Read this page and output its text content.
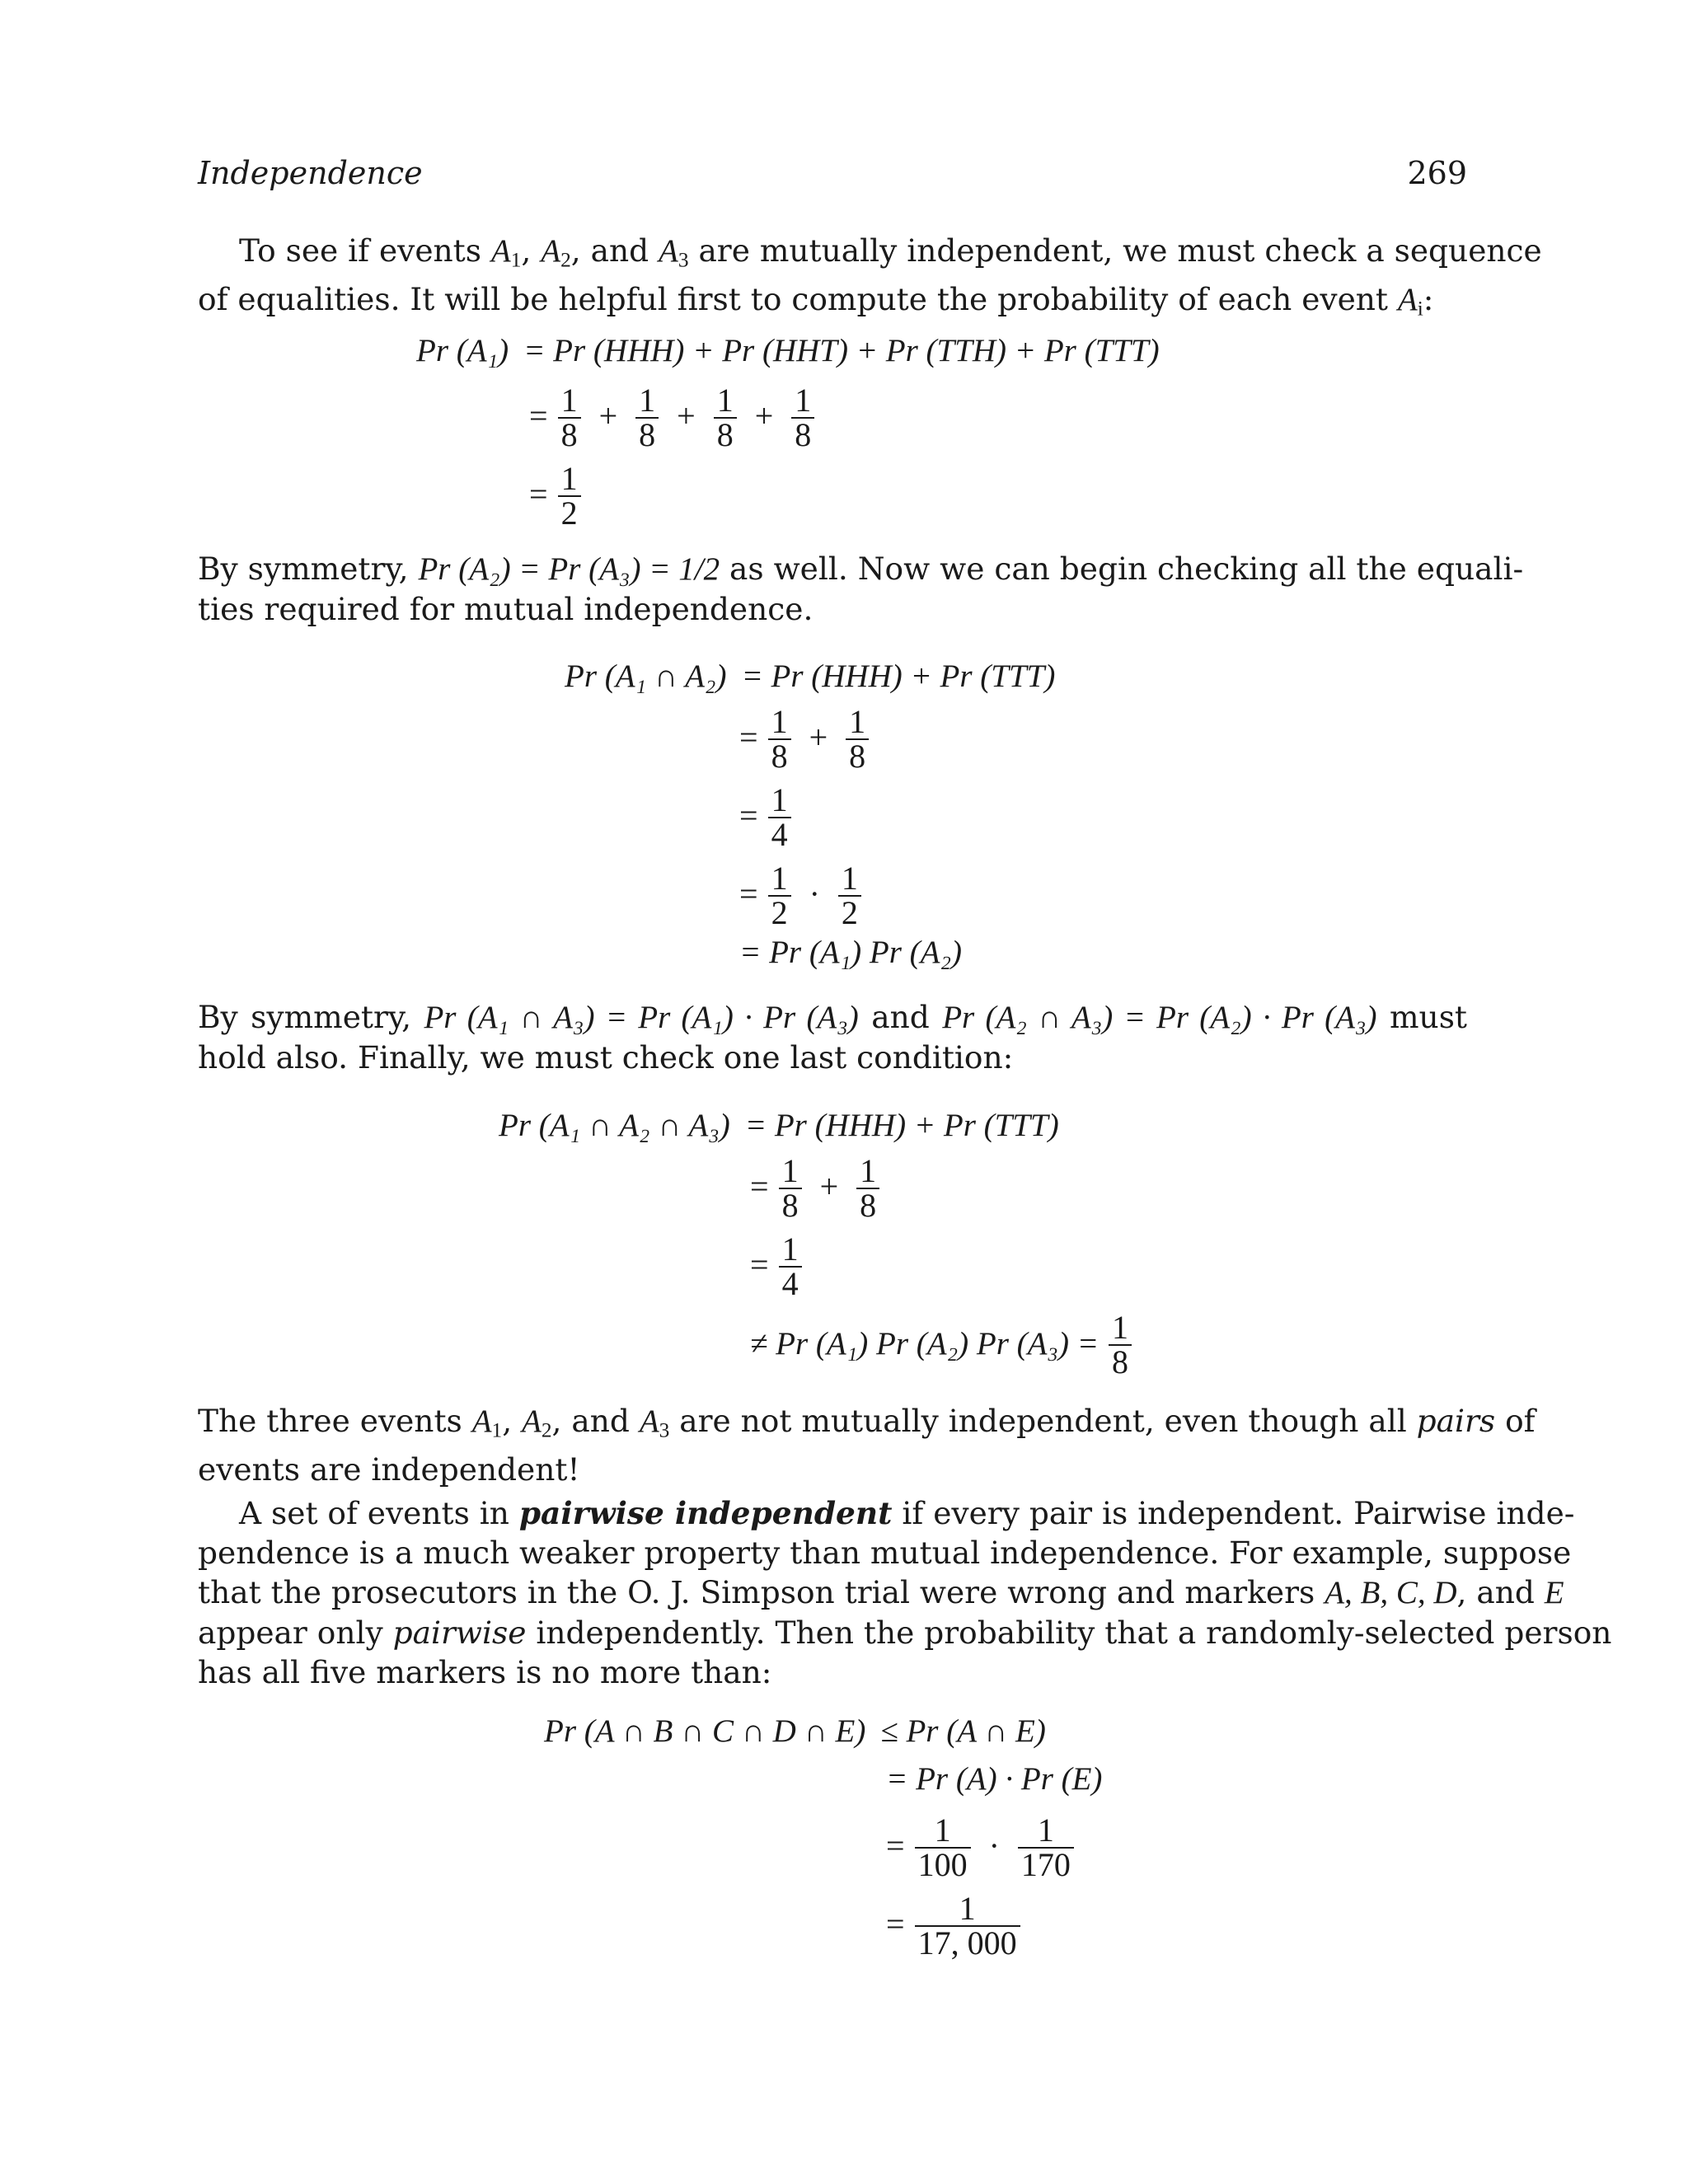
Independence	269
To see if events $A_1$, $A_2$, and $A_3$ are mutually independent, we must check a sequence
of equalities. It will be helpful first to compute the probability of each event $A_i$:
Pr (A₁) = Pr (HHH) + Pr (HHT) + Pr (TTH) + Pr (TTT)
= $\frac{1}{8} + \frac{1}{8} + \frac{1}{8} + \frac{1}{8}$
= $\frac{1}{2}$
By symmetry, Pr (A₂) = Pr (A₃) = 1/2 as well. Now we can begin checking all the equali-
ties required for mutual independence.
Pr (A₁ ∩ A₂) = Pr (HHH) + Pr (TTT)
= $\frac{1}{8} + \frac{1}{8}$
= $\frac{1}{4}$
= $\frac{1}{2} \cdot \frac{1}{2}$
= Pr (A₁) Pr (A₂)
By symmetry, Pr (A₁ ∩ A₃) = Pr (A₁) · Pr (A₃) and Pr (A₂ ∩ A₃) = Pr (A₂) · Pr (A₃) must
hold also. Finally, we must check one last condition:
Pr (A₁ ∩ A₂ ∩ A₃) = Pr (HHH) + Pr (TTT)
= $\frac{1}{8} + \frac{1}{8}$
= $\frac{1}{4}$
≠ Pr (A₁) Pr (A₂) Pr $(A_3) = \frac{1}{8}$
The three events $A_1$, $A_2$, and $A_3$ are not mutually independent, even though all pairs of
events are independent!
A set of events in pairwise independent if every pair is independent. Pairwise inde-
pendence is a much weaker property than mutual independence. For example, suppose
that the prosecutors in the O. J. Simpson trial were wrong and markers A, B, C, D, and E
appear only pairwise independently. Then the probability that a randomly-selected person
has all five markers is no more than:
Pr (A ∩ B ∩ C ∩ D ∩ E) ≤ Pr (A ∩ E)
= Pr (A) · Pr (E)
= $\frac{1}{100} \cdot \frac{1}{170}$
= $\frac{1}{17, 000}$
